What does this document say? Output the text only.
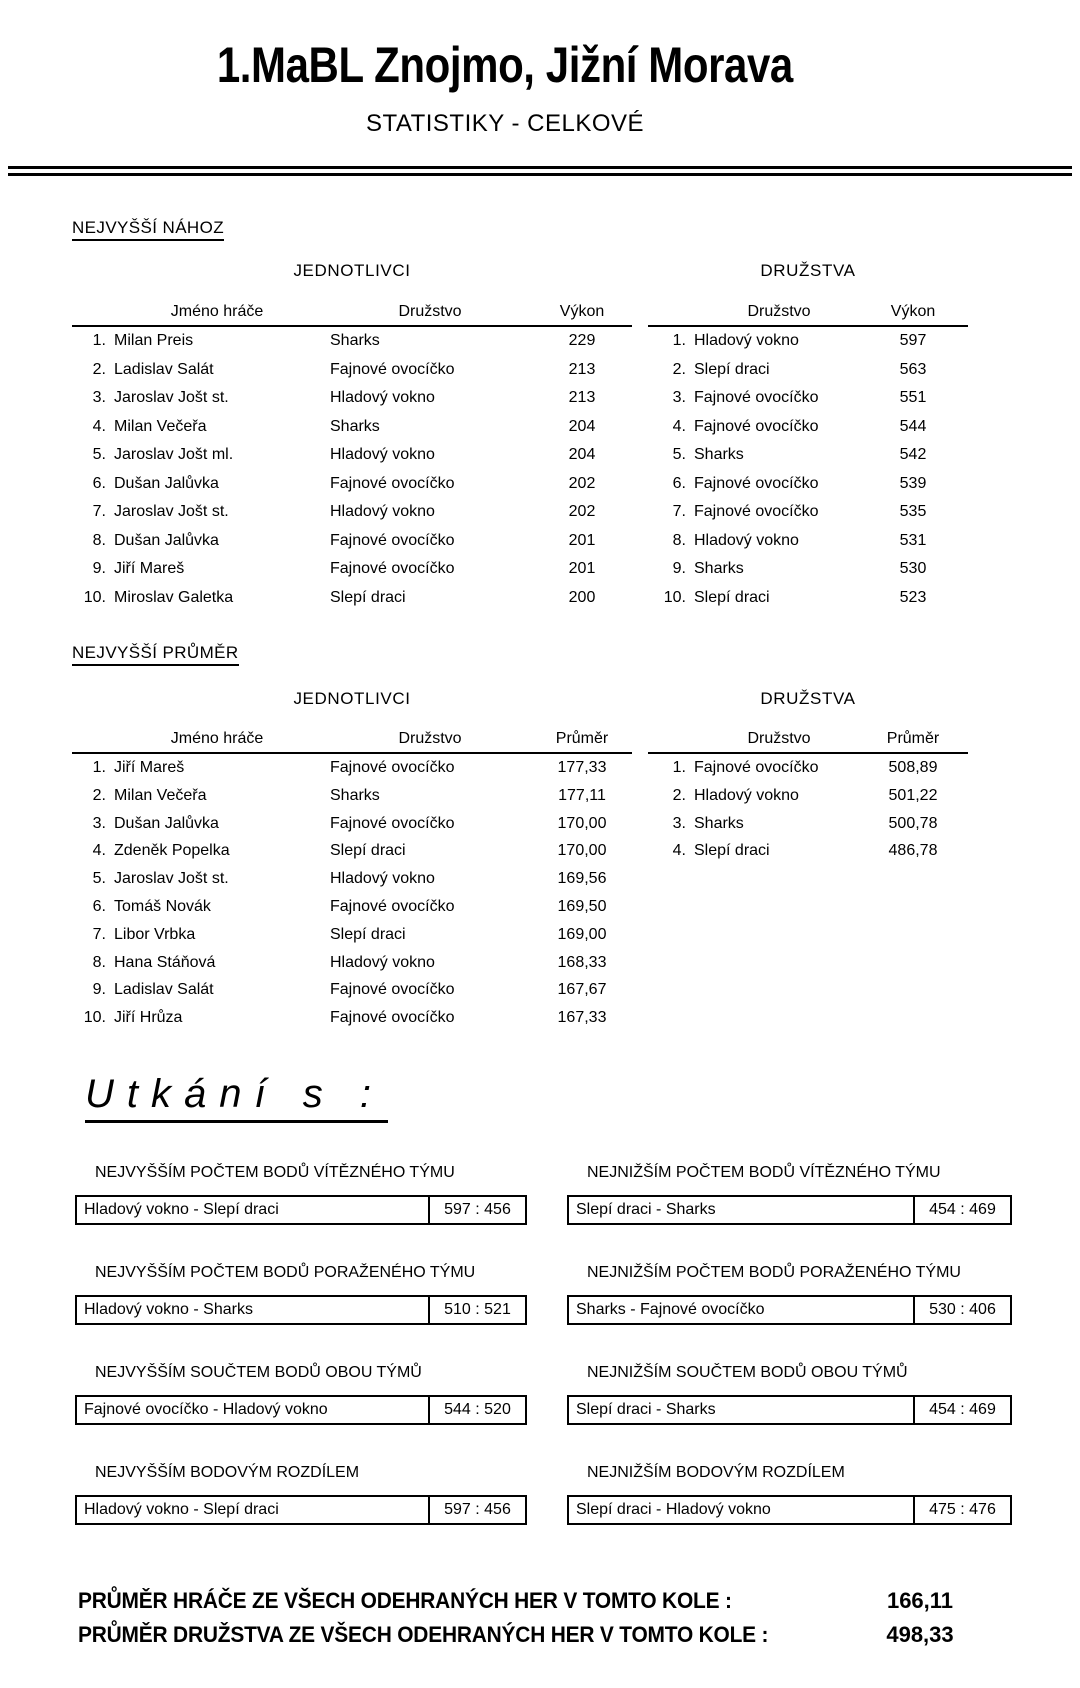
1.MaBL Znojmo, Jižní Morava
STATISTIKY - CELKOVÉ
NEJVYŠŠÍ NÁHOZ
JEDNOTLIVCI	DRUŽSTVA
Jméno hráče	Družstvo	Výkon
1. Milan Preis	Sharks	229
2. Ladislav Salát	Fajnové ovocíčko	213
3. Jaroslav Jošt st.	Hladový vokno	213
4. Milan Večeřa	Sharks	204
5. Jaroslav Jošt ml.	Hladový vokno	204
6. Dušan Jalůvka	Fajnové ovocíčko	202
7. Jaroslav Jošt st.	Hladový vokno	202
8. Dušan Jalůvka	Fajnové ovocíčko	201
9. Jiří Mareš	Fajnové ovocíčko	201
10. Miroslav Galetka	Slepí draci	200
Družstvo	Výkon
1. Hladový vokno	597
2. Slepí draci	563
3. Fajnové ovocíčko	551
4. Fajnové ovocíčko	544
5. Sharks	542
6. Fajnové ovocíčko	539
7. Fajnové ovocíčko	535
8. Hladový vokno	531
9. Sharks	530
10. Slepí draci	523
NEJVYŠŠÍ PRŮMĚR
JEDNOTLIVCI	DRUŽSTVA
Jméno hráče	Družstvo	Průměr
1. Jiří Mareš	Fajnové ovocíčko	177,33
2. Milan Večeřa	Sharks	177,11
3. Dušan Jalůvka	Fajnové ovocíčko	170,00
4. Zdeněk Popelka	Slepí draci	170,00
5. Jaroslav Jošt st.	Hladový vokno	169,56
6. Tomáš Novák	Fajnové ovocíčko	169,50
7. Libor Vrbka	Slepí draci	169,00
8. Hana Stáňová	Hladový vokno	168,33
9. Ladislav Salát	Fajnové ovocíčko	167,67
10. Jiří Hrůza	Fajnové ovocíčko	167,33
Družstvo	Průměr
1. Fajnové ovocíčko	508,89
2. Hladový vokno	501,22
3. Sharks	500,78
4. Slepí draci	486,78
Utkání s :
NEJVYŠŠÍM POČTEM BODŮ VÍTĚZNÉHO TÝMU
Hladový vokno - Slepí draci	597 : 456
NEJNIŽŠÍM POČTEM BODŮ VÍTĚZNÉHO TÝMU
Slepí draci - Sharks	454 : 469
NEJVYŠŠÍM POČTEM BODŮ PORAŽENÉHO TÝMU
Hladový vokno - Sharks	510 : 521
NEJNIŽŠÍM POČTEM BODŮ PORAŽENÉHO TÝMU
Sharks - Fajnové ovocíčko	530 : 406
NEJVYŠŠÍM SOUČTEM BODŮ OBOU TÝMŮ
Fajnové ovocíčko - Hladový vokno	544 : 520
NEJNIŽŠÍM SOUČTEM BODŮ OBOU TÝMŮ
Slepí draci - Sharks	454 : 469
NEJVYŠŠÍM BODOVÝM ROZDÍLEM
Hladový vokno - Slepí draci	597 : 456
NEJNIŽŠÍM BODOVÝM ROZDÍLEM
Slepí draci - Hladový vokno	475 : 476
PRŮMĚR HRÁČE ZE VŠECH ODEHRANÝCH HER V TOMTO KOLE :	166,11
PRŮMĚR DRUŽSTVA ZE VŠECH ODEHRANÝCH HER V TOMTO KOLE :	498,33
